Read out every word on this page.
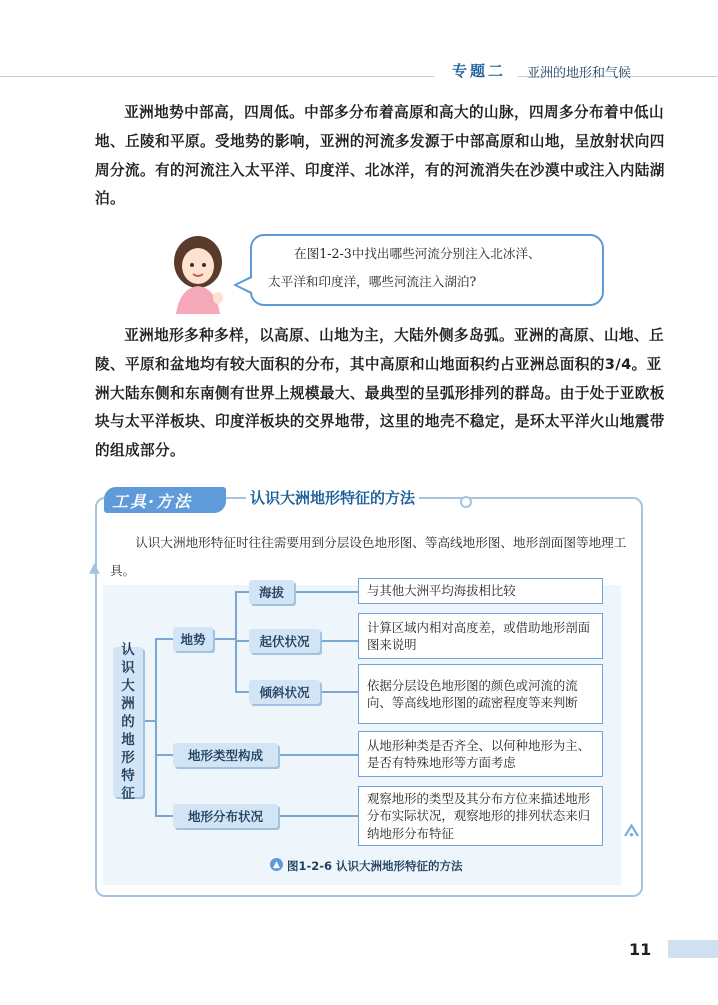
专题二 亚洲的地形和气候

亚洲地势中部高，四周低。中部多分布着高原和高大的山脉，四周多分布着中低山地、丘陵和平原。受地势的影响，亚洲的河流多发源于中部高原和山地，呈放射状向四周分流。有的河流注入太平洋、印度洋、北冰洋，有的河流消失在沙漠中或注入内陆湖泊。

在图1-2-3中找出哪些河流分别注入北冰洋、

太平洋和印度洋，哪些河流注入湖泊?

亚洲地形多种多样，以高原、山地为主，大陆外侧多岛弧。亚洲的高原、山地、丘陵、平原和盆地均有较大面积的分布，其中高原和山地面积约占亚洲总面积的3/4。亚洲大陆东侧和东南侧有世界上规模最大、最典型的呈弧形排列的群岛。由于处于亚欧板块与太平洋板块、印度洋板块的交界地带，这里的地壳不稳定，是环太平洋火山地震带的组成部分。

工具·方法	认识大洲地形特征的方法
▲

认识大洲地形特征时往往需要用到分层设色地形图、等高线地形图、地形剖面图等地理工具。

认
识
大
洲
的
地
形
特
征
地势
海拔
起伏状况
倾斜状况
地形类型构成
地形分布状况
与其他大洲平均海拔相比较
计算区域内相对高度差，或借助地形剖面图来说明
依据分层设色地形图的颜色或河流的流向、等高线地形图的疏密程度等来判断
从地形种类是否齐全、以何种地形为主、是否有特殊地形等方面考虑
观察地形的类型及其分布方位来描述地形分布实际状况，观察地形的排列状态来归纳地形分布特征
▲ 图1-2-6 认识大洲地形特征的方法
⟑
11
